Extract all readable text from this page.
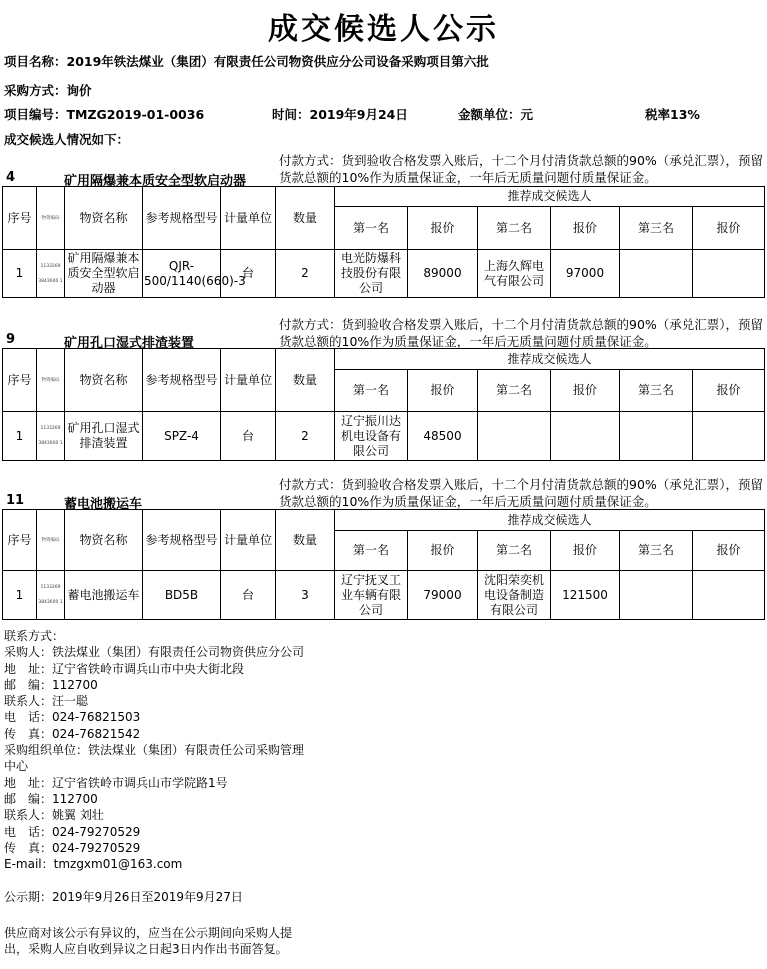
成交候选人公示
项目名称：2019年铁法煤业（集团）有限责任公司物资供应分公司设备采购项目第六批
采购方式：询价
项目编号：TMZG2019-01-0036	时间：2019年9月24日	金额单位：元	税率13%
成交候选人情况如下：
付款方式：货到验收合格发票入账后，十二个月付清货款总额的90%（承兑汇票），预留货款总额的10%作为质量保证金，一年后无质量问题付质量保证金。
4	矿用隔爆兼本质安全型软启动器
序号	物资编码	物资名称	参考规格型号	计量单位	数量	推荐成交候选人					
						第一名	报价	第二名	报价	第三名	报价
1	1133269 3843600 1	矿用隔爆兼本质安全型软启动器	QJR-500/1140(660)-3	台	2	电光防爆科技股份有限公司	89000	上海久辉电气有限公司	97000		
付款方式：货到验收合格发票入账后，十二个月付清货款总额的90%（承兑汇票），预留货款总额的10%作为质量保证金，一年后无质量问题付质量保证金。
9	矿用孔口湿式排渣装置
序号	物资编码	物资名称	参考规格型号	计量单位	数量	推荐成交候选人					
						第一名	报价	第二名	报价	第三名	报价
1	1133269 3843600 1	矿用孔口湿式排渣装置	SPZ-4	台	2	辽宁振川达机电设备有限公司	48500				
付款方式：货到验收合格发票入账后，十二个月付清货款总额的90%（承兑汇票），预留货款总额的10%作为质量保证金，一年后无质量问题付质量保证金。
11	蓄电池搬运车
序号	物资编码	物资名称	参考规格型号	计量单位	数量	推荐成交候选人					
						第一名	报价	第二名	报价	第三名	报价
1	1133269 3843600 1	蓄电池搬运车	BD5B	台	3	辽宁抚叉工业车辆有限公司	79000	沈阳荣奕机电设备制造有限公司	121500		
联系方式：
采购人：铁法煤业（集团）有限责任公司物资供应分公司
地　址：辽宁省铁岭市调兵山市中央大街北段
邮　编：112700
联系人：汪一聪
电　话：024-76821503
传　真：024-76821542
采购组织单位：铁法煤业（集团）有限责任公司采购管理
中心
地　址：辽宁省铁岭市调兵山市学院路1号
邮　编：112700
联系人：姚翼 刘壮
电　话：024-79270529
传　真：024-79270529
E-mail：tmzgxm01@163.com
公示期：2019年9月26日至2019年9月27日
供应商对该公示有异议的，应当在公示期间向采购人提
出，采购人应自收到异议之日起3日内作出书面答复。
